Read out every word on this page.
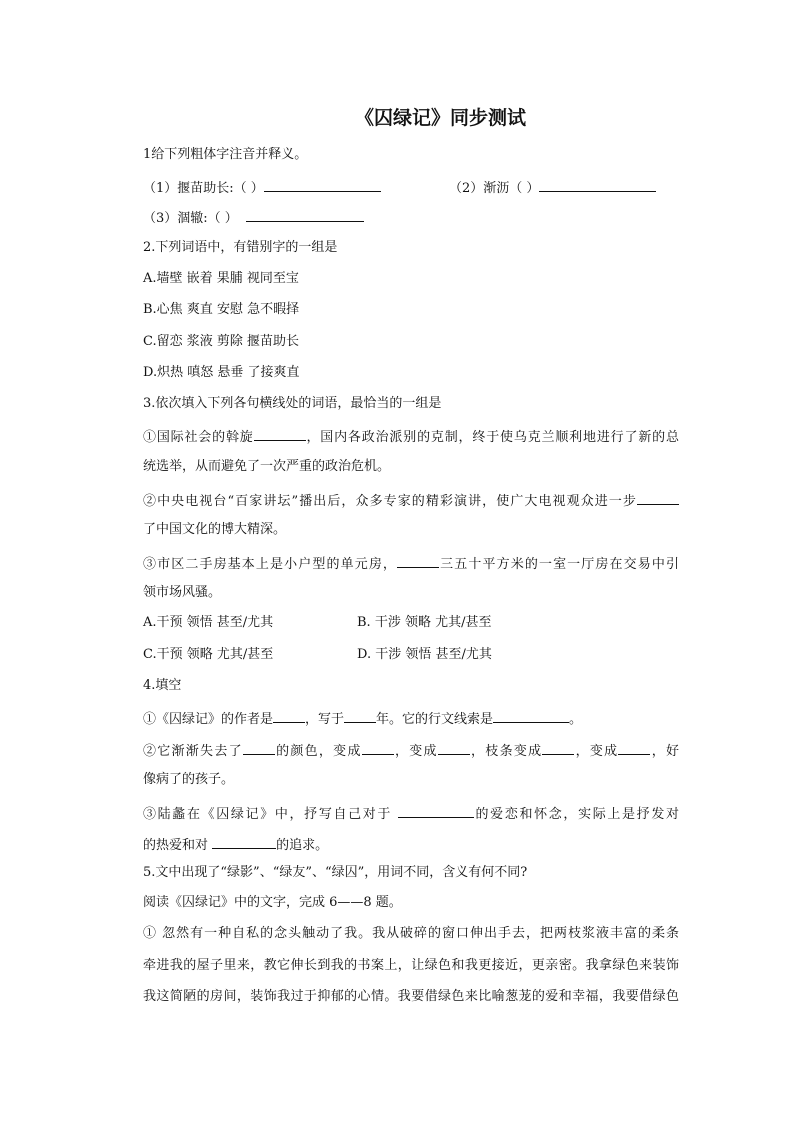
《囚绿记》同步测试
1给下列粗体字注音并释义。
（1）揠苗助长:（ ）	（2）渐沥（ ）
（3）涸辙:（ ）
2.下列词语中，有错别字的一组是
A.墙壁 嵌着 果脯 视同至宝
B.心焦 爽直 安慰 急不暇择
C.留恋 浆液 剪除 揠苗助长
D.炽热 嗔怒 悬垂 了接爽直
3.依次填入下列各句横线处的词语，最恰当的一组是
①国际社会的斡旋	，国内各政治派别的克制，终于使乌克兰顺利地进行了新的总
统选举，从而避免了一次严重的政治危机。
②中央电视台“百家讲坛”播出后，众多专家的精彩演讲，使广大电视观众进一步
了中国文化的博大精深。
③市区二手房基本上是小户型的单元房，	三五十平方米的一室一厅房在交易中引
领市场风骚。
A.干预 领悟 甚至/尤其	B. 干涉 领略 尤其/甚至
C.干预 领略 尤其/甚至	D. 干涉 领悟 甚至/尤其
4.填空
①《囚绿记》的作者是 ，写于 年。它的行文线索是	。
②它渐渐失去了 的颜色，变成 ，变成 ，枝条变成 ，变成 ，好
像病了的孩子。
③陆蠡在《囚绿记》中，抒写自己对于	的爱恋和怀念，实际上是抒发对
的热爱和对	的追求。
5.文中出现了“绿影”、“绿友”、“绿囚”，用词不同，含义有何不同?
阅读《囚绿记》中的文字，完成 6——8 题。
① 忽然有一种自私的念头触动了我。我从破碎的窗口伸出手去，把两枝浆液丰富的柔条
牵进我的屋子里来，教它伸长到我的书案上，让绿色和我更接近，更亲密。我拿绿色来装饰
我这简陋的房间，装饰我过于抑郁的心情。我要借绿色来比喻葱茏的爱和幸福，我要借绿色
